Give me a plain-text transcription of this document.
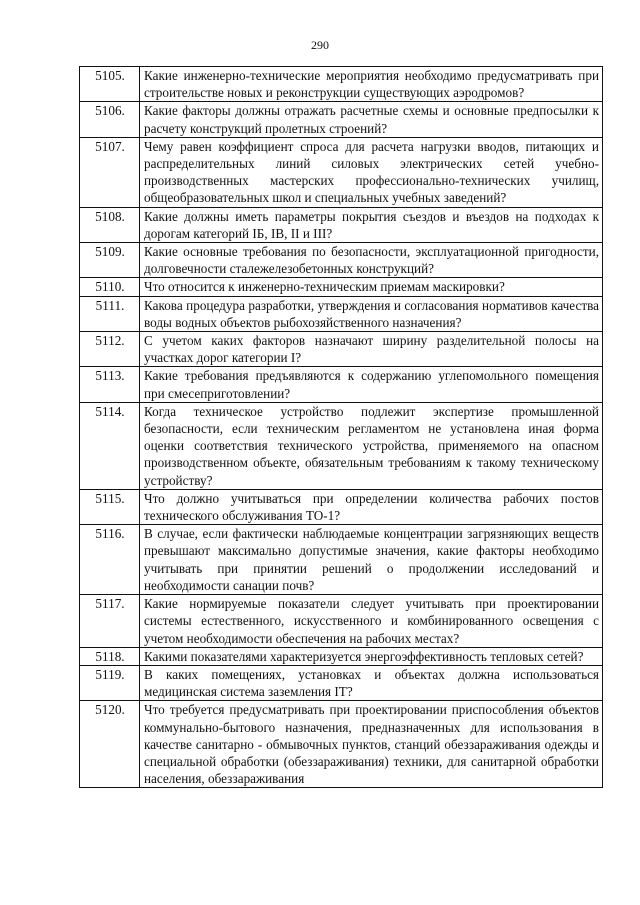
290
5105.	Какие инженерно-технические мероприятия необходимо предусматривать при строительстве новых и реконструкции существующих аэродромов?
5106.	Какие факторы должны отражать расчетные схемы и основные предпосылки к расчету конструкций пролетных строений?
5107.	Чему равен коэффициент спроса для расчета нагрузки вводов, питающих и распределительных линий силовых электрических сетей учебно-производственных мастерских профессионально-технических училищ, общеобразовательных школ и специальных учебных заведений?
5108.	Какие должны иметь параметры покрытия съездов и въездов на подходах к дорогам категорий IБ, IВ, II и III?
5109.	Какие основные требования по безопасности, эксплуатационной пригодности, долговечности сталежелезобетонных конструкций?
5110.	Что относится к инженерно-техническим приемам маскировки?
5111.	Какова процедура разработки, утверждения и согласования нормативов качества воды водных объектов рыбохозяйственного назначения?
5112.	С учетом каких факторов назначают ширину разделительной полосы на участках дорог категории I?
5113.	Какие требования предъявляются к содержанию углепомольного помещения при смесеприготовлении?
5114.	Когда техническое устройство подлежит экспертизе промышленной безопасности, если техническим регламентом не установлена иная форма оценки соответствия технического устройства, применяемого на опасном производственном объекте, обязательным требованиям к такому техническому устройству?
5115.	Что должно учитываться при определении количества рабочих постов технического обслуживания ТО-1?
5116.	В случае, если фактически наблюдаемые концентрации загрязняющих веществ превышают максимально допустимые значения, какие факторы необходимо учитывать при принятии решений о продолжении исследований и необходимости санации почв?
5117.	Какие нормируемые показатели следует учитывать при проектировании системы естественного, искусственного и комбинированного освещения с учетом необходимости обеспечения на рабочих местах?
5118.	Какими показателями характеризуется энергоэффективность тепловых сетей?
5119.	В каких помещениях, установках и объектах должна использоваться медицинская система заземления IT?
5120.	Что требуется предусматривать при проектировании приспособления объектов коммунально-бытового назначения, предназначенных для использования в качестве санитарно - обмывочных пунктов, станций обеззараживания одежды и специальной обработки (обеззараживания) техники, для санитарной обработки населения, обеззараживания
